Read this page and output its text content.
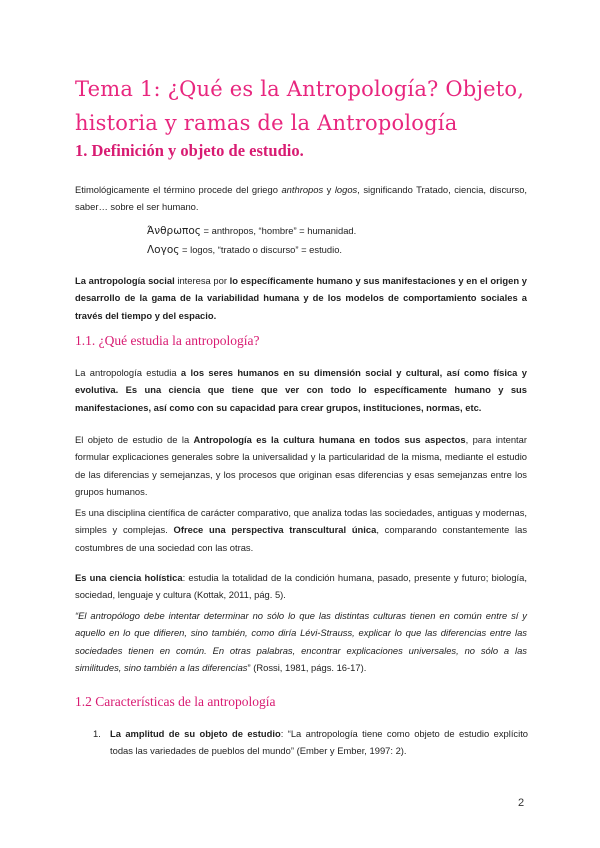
Tema 1: ¿Qué es la Antropología? Objeto, historia y ramas de la Antropología
1. Definición y objeto de estudio.
Etimológicamente el término procede del griego anthropos y logos, significando Tratado, ciencia, discurso, saber… sobre el ser humano.
Άνθρωπος = anthropos, “hombre” = humanidad.
Λογος = logos, “tratado o discurso” = estudio.
La antropología social interesa por lo específicamente humano y sus manifestaciones y en el origen y desarrollo de la gama de la variabilidad humana y de los modelos de comportamiento sociales a través del tiempo y del espacio.
1.1. ¿Qué estudia la antropología?
La antropología estudia a los seres humanos en su dimensión social y cultural, así como física y evolutiva. Es una ciencia que tiene que ver con todo lo específicamente humano y sus manifestaciones, así como con su capacidad para crear grupos, instituciones, normas, etc.
El objeto de estudio de la Antropología es la cultura humana en todos sus aspectos, para intentar formular explicaciones generales sobre la universalidad y la particularidad de la misma, mediante el estudio de las diferencias y semejanzas, y los procesos que originan esas diferencias y esas semejanzas entre los grupos humanos.
Es una disciplina científica de carácter comparativo, que analiza todas las sociedades, antiguas y modernas, simples y complejas. Ofrece una perspectiva transcultural única, comparando constantemente las costumbres de una sociedad con las otras.
Es una ciencia holística: estudia la totalidad de la condición humana, pasado, presente y futuro; biología, sociedad, lenguaje y cultura (Kottak, 2011, pág. 5).
“El antropólogo debe intentar determinar no sólo lo que las distintas culturas tienen en común entre sí y aquello en lo que difieren, sino también, como diría Lévi-Strauss, explicar lo que las diferencias entre las sociedades tienen en común. En otras palabras, encontrar explicaciones universales, no sólo a las similitudes, sino también a las diferencias” (Rossi, 1981, págs. 16-17).
1.2 Características de la antropología
1. La amplitud de su objeto de estudio: “La antropología tiene como objeto de estudio explícito todas las variedades de pueblos del mundo” (Ember y Ember, 1997: 2).
2
